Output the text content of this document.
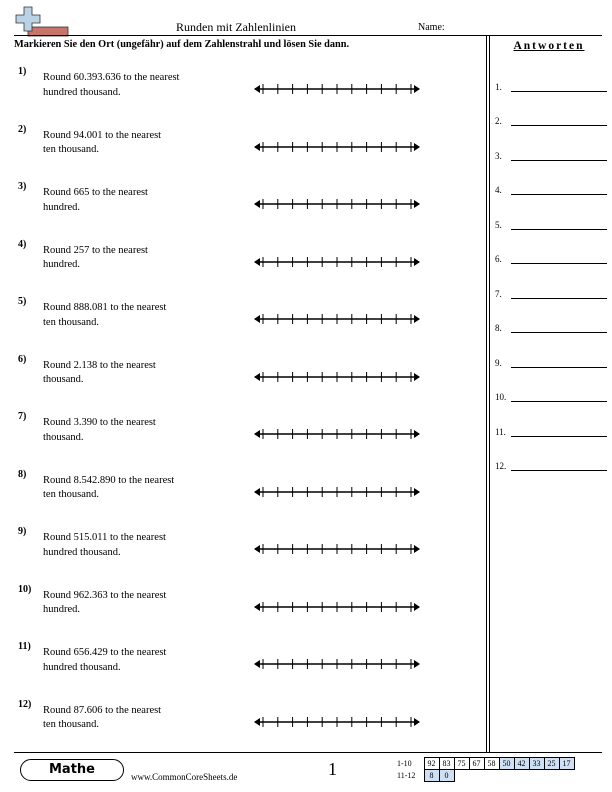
Runden mit Zahlenlinien	Name:
Markieren Sie den Ort (ungefähr) auf dem Zahlenstrahl und lösen Sie dann.	Antworten
1.
2.
3.
4.
5.
6.
7.
8.
9.
10.
11.
12.
1)
Round 60.393.636 to the nearest
hundred thousand.
2)
Round 94.001 to the nearest
ten thousand.
3)
Round 665 to the nearest
hundred.
4)
Round 257 to the nearest
hundred.
5)
Round 888.081 to the nearest
ten thousand.
6)
Round 2.138 to the nearest
thousand.
7)
Round 3.390 to the nearest
thousand.
8)
Round 8.542.890 to the nearest
ten thousand.
9)
Round 515.011 to the nearest
hundred thousand.
10)
Round 962.363 to the nearest
hundred.
11)
Round 656.429 to the nearest
hundred thousand.
12)
Round 87.606 to the nearest
ten thousand.
Mathe	www.CommonCoreSheets.de	1	1-10	92	83	75	67	58	50	42	33	25	17
11-12	8	0								
